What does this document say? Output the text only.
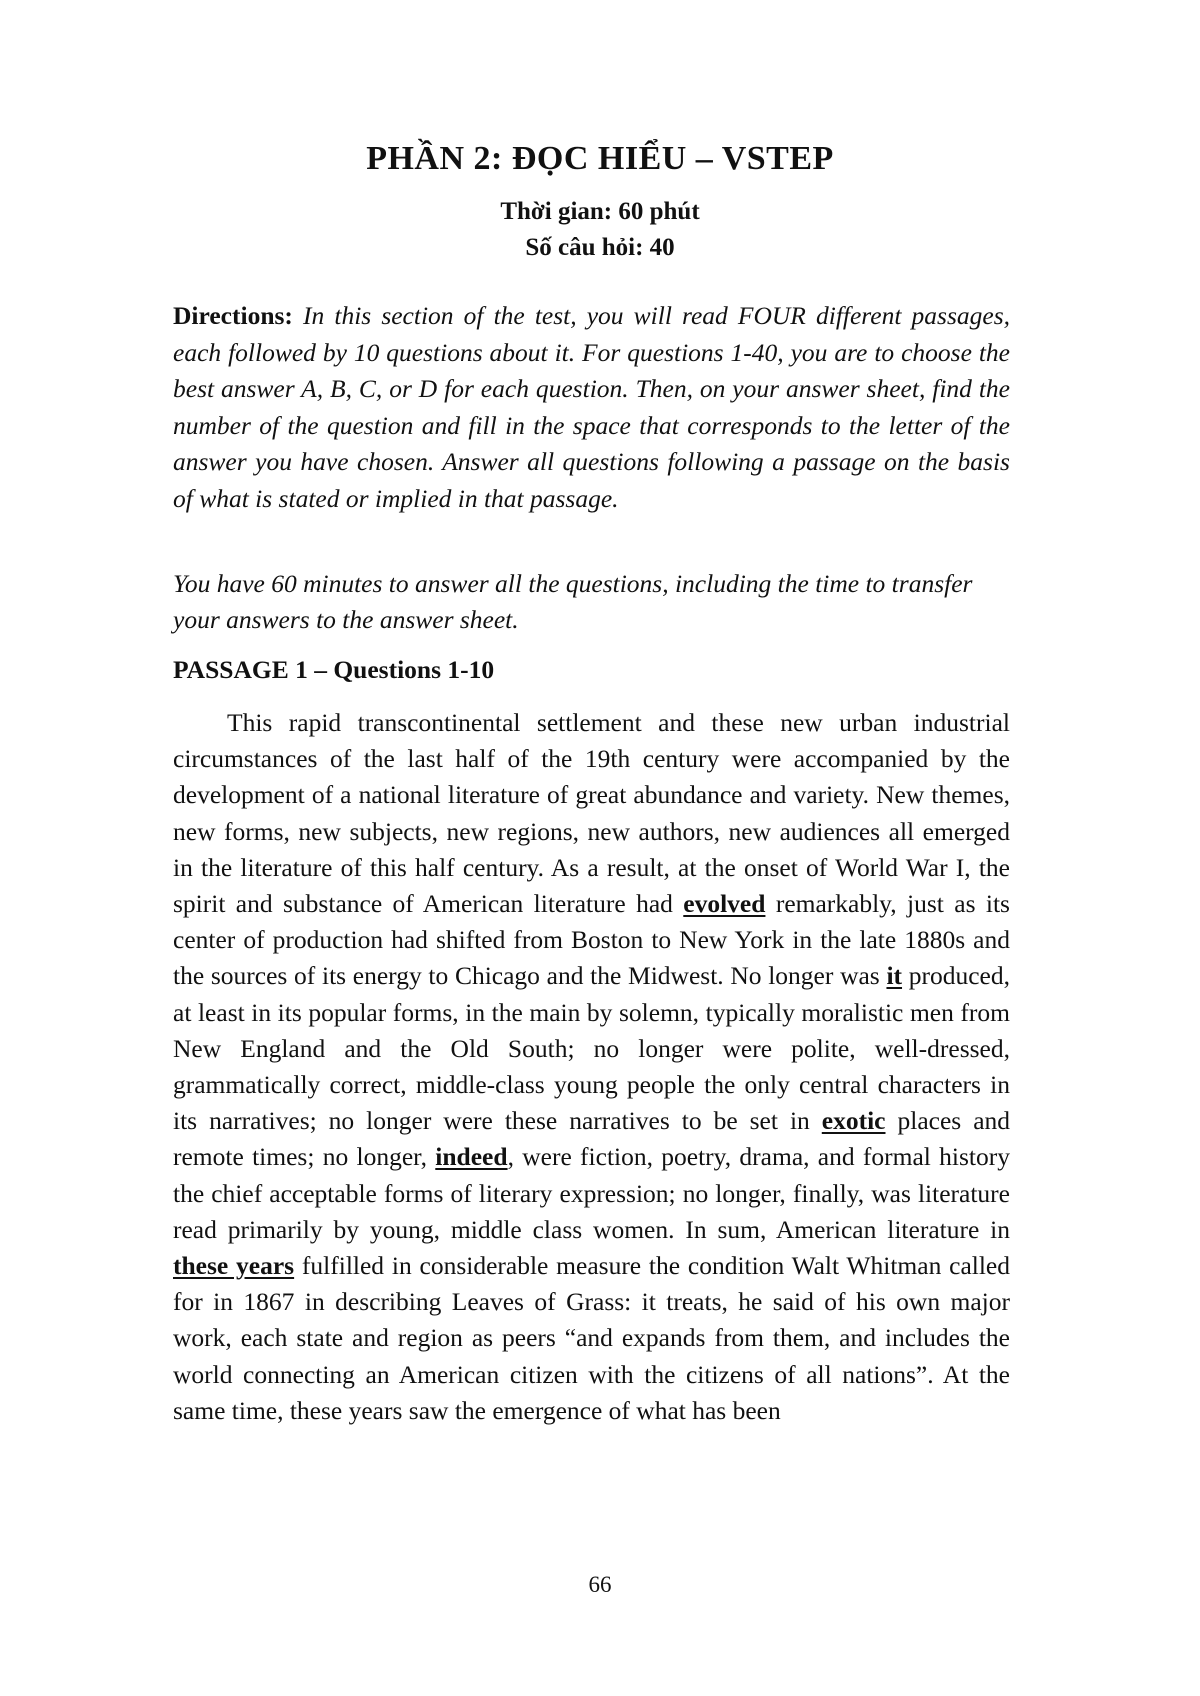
PHẦN 2: ĐỌC HIỂU – VSTEP
Thời gian: 60 phút
Số câu hỏi: 40
Directions: In this section of the test, you will read FOUR different passages, each followed by 10 questions about it. For questions 1-40, you are to choose the best answer A, B, C, or D for each question. Then, on your answer sheet, find the number of the question and fill in the space that corresponds to the letter of the answer you have chosen. Answer all questions following a passage on the basis of what is stated or implied in that passage.
You have 60 minutes to answer all the questions, including the time to transfer your answers to the answer sheet.
PASSAGE 1 – Questions 1-10
This rapid transcontinental settlement and these new urban industrial circumstances of the last half of the 19th century were accompanied by the development of a national literature of great abundance and variety. New themes, new forms, new subjects, new regions, new authors, new audiences all emerged in the literature of this half century. As a result, at the onset of World War I, the spirit and substance of American literature had evolved remarkably, just as its center of production had shifted from Boston to New York in the late 1880s and the sources of its energy to Chicago and the Midwest. No longer was it produced, at least in its popular forms, in the main by solemn, typically moralistic men from New England and the Old South; no longer were polite, well-dressed, grammatically correct, middle-class young people the only central characters in its narratives; no longer were these narratives to be set in exotic places and remote times; no longer, indeed, were fiction, poetry, drama, and formal history the chief acceptable forms of literary expression; no longer, finally, was literature read primarily by young, middle class women. In sum, American literature in these years fulfilled in considerable measure the condition Walt Whitman called for in 1867 in describing Leaves of Grass: it treats, he said of his own major work, each state and region as peers “and expands from them, and includes the world connecting an American citizen with the citizens of all nations”. At the same time, these years saw the emergence of what has been
66
